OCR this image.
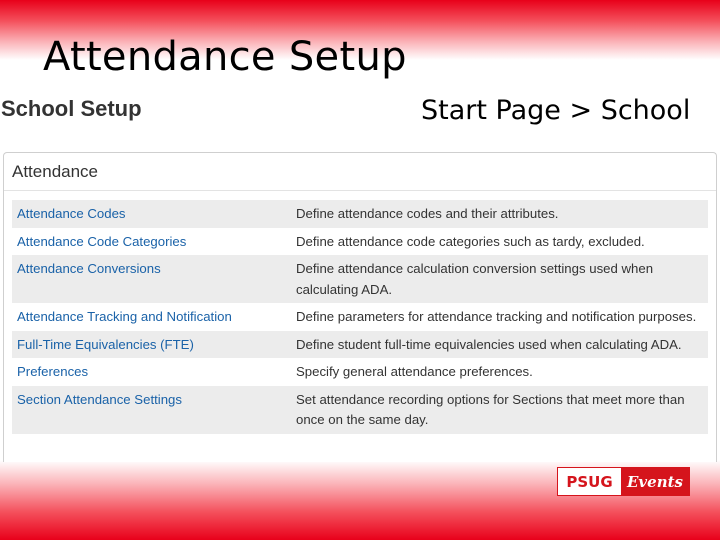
Attendance Setup
Start Page > School
School Setup
Attendance
Attendance Codes	Define attendance codes and their attributes.
Attendance Code Categories	Define attendance code categories such as tardy, excluded.
Attendance Conversions	Define attendance calculation conversion settings used when calculating ADA.
Attendance Tracking and Notification	Define parameters for attendance tracking and notification purposes.
Full-Time Equivalencies (FTE)	Define student full-time equivalencies used when calculating ADA.
Preferences	Specify general attendance preferences.
Section Attendance Settings	Set attendance recording options for Sections that meet more than once on the same day.
PSUG Events
